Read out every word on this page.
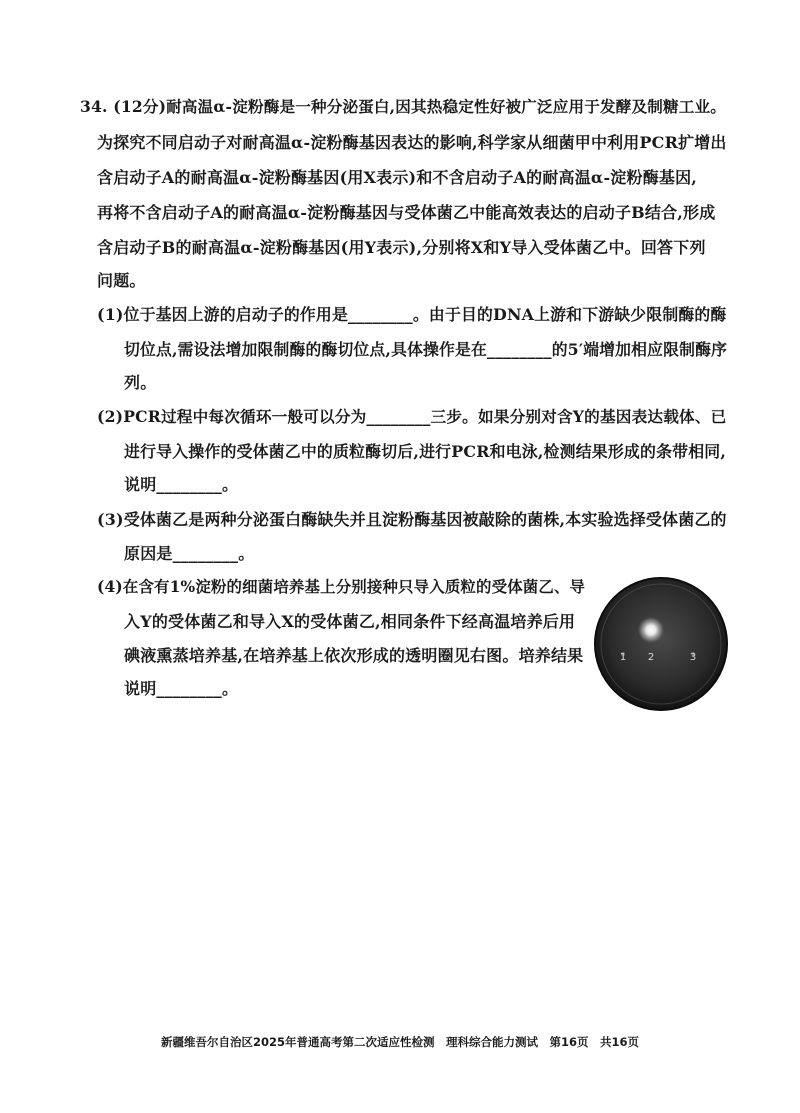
34. (12分)耐高温α-淀粉酶是一种分泌蛋白,因其热稳定性好被广泛应用于发酵及制糖工业。
为探究不同启动子对耐高温α-淀粉酶基因表达的影响,科学家从细菌甲中利用PCR扩增出
含启动子A的耐高温α-淀粉酶基因(用X表示)和不含启动子A的耐高温α-淀粉酶基因,
再将不含启动子A的耐高温α-淀粉酶基因与受体菌乙中能高效表达的启动子B结合,形成
含启动子B的耐高温α-淀粉酶基因(用Y表示),分别将X和Y导入受体菌乙中。回答下列
问题。
(1)位于基因上游的启动子的作用是________。由于目的DNA上游和下游缺少限制酶的酶
切位点,需设法增加限制酶的酶切位点,具体操作是在________的5′端增加相应限制酶序
列。
(2)PCR过程中每次循环一般可以分为________三步。如果分别对含Y的基因表达载体、已
进行导入操作的受体菌乙中的质粒酶切后,进行PCR和电泳,检测结果形成的条带相同,
说明________。
(3)受体菌乙是两种分泌蛋白酶缺失并且淀粉酶基因被敲除的菌株,本实验选择受体菌乙的
原因是________。
(4)在含有1%淀粉的细菌培养基上分别接种只导入质粒的受体菌乙、导
入Y的受体菌乙和导入X的受体菌乙,相同条件下经高温培养后用
碘液熏蒸培养基,在培养基上依次形成的透明圈见右图。培养结果
说明________。
1 2	3
新疆维吾尔自治区2025年普通高考第二次适应性检测　理科综合能力测试　第16页　共16页
